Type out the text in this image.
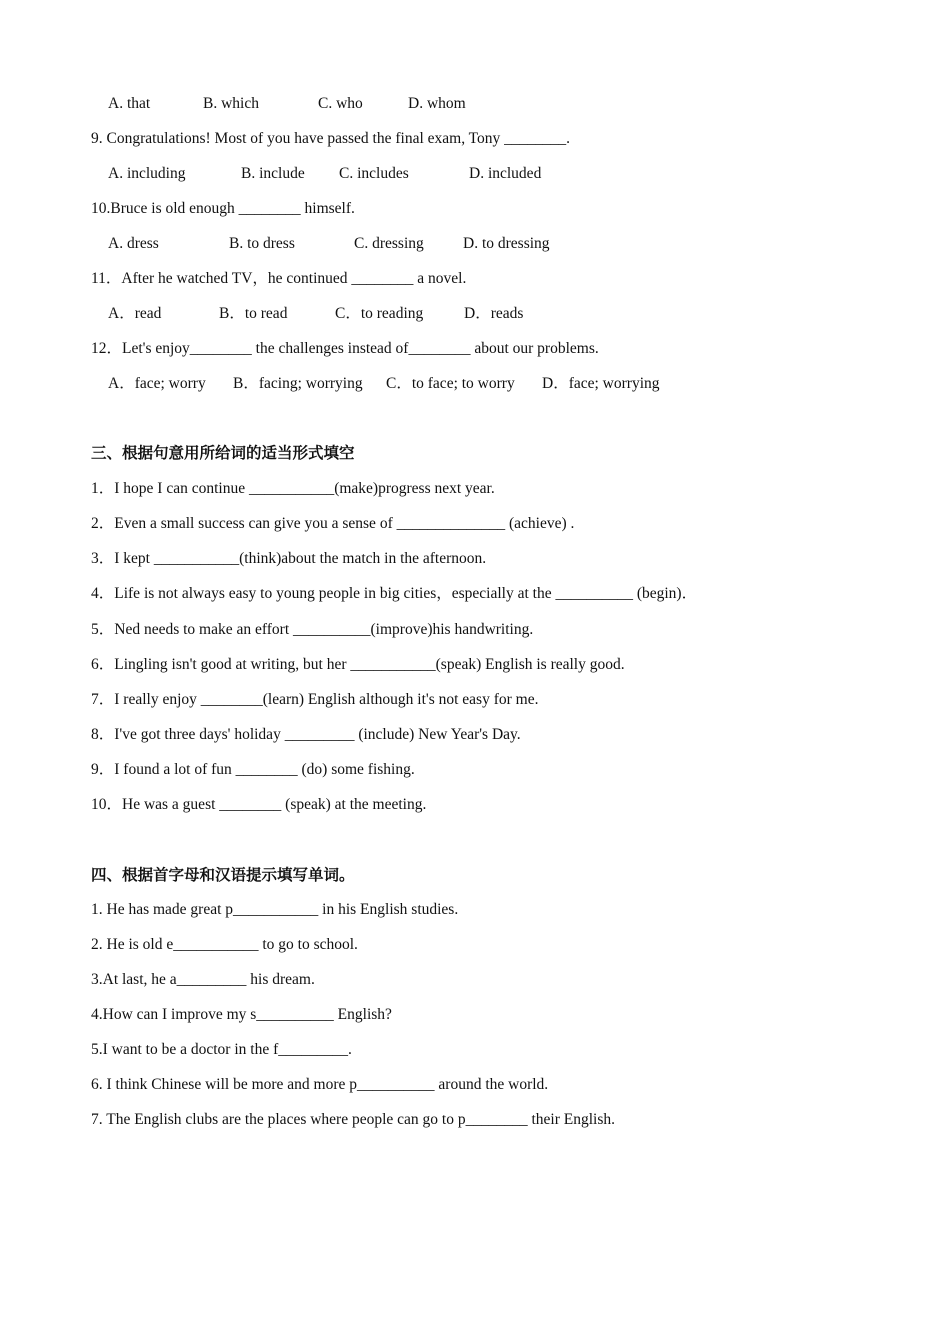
A. that	B. which	C. who	D. whom
9. Congratulations! Most of you have passed the final exam, Tony ________.
A. including	B. include C. includes	D. included
10.Bruce is old enough ________ himself.
A. dress	B. to dress	C. dressing	D. to dressing
11．After he watched TV，he continued ________ a novel.
A．read	B．to read	C．to reading	D．reads
12．Let's enjoy________ the challenges instead of________ about our problems.
A．face; worry B．facing; worrying C．to face; to worry D．face; worrying
三、根据句意用所给词的适当形式填空
1．I hope I can continue ___________(make)progress next year.
2．Even a small success can give you a sense of ______________ (achieve) .
3．I kept ___________(think)about the match in the afternoon.
4．Life is not always easy to young people in big cities，especially at the __________ (begin)．
5．Ned needs to make an effort __________(improve)his handwriting.
6．Lingling isn't good at writing, but her ___________(speak) English is really good.
7．I really enjoy ________(learn) English although it's not easy for me.
8．I've got three days' holiday _________ (include) New Year's Day.
9．I found a lot of fun ________ (do) some fishing.
10．He was a guest ________ (speak) at the meeting.
四、根据首字母和汉语提示填写单词。
1. He has made great p___________ in his English studies.
2. He is old e___________ to go to school.
3.At last, he a_________ his dream.
4.How can I improve my s__________ English?
5.I want to be a doctor in the f_________.
6. I think Chinese will be more and more p__________ around the world.
7. The English clubs are the places where people can go to p________ their English.
